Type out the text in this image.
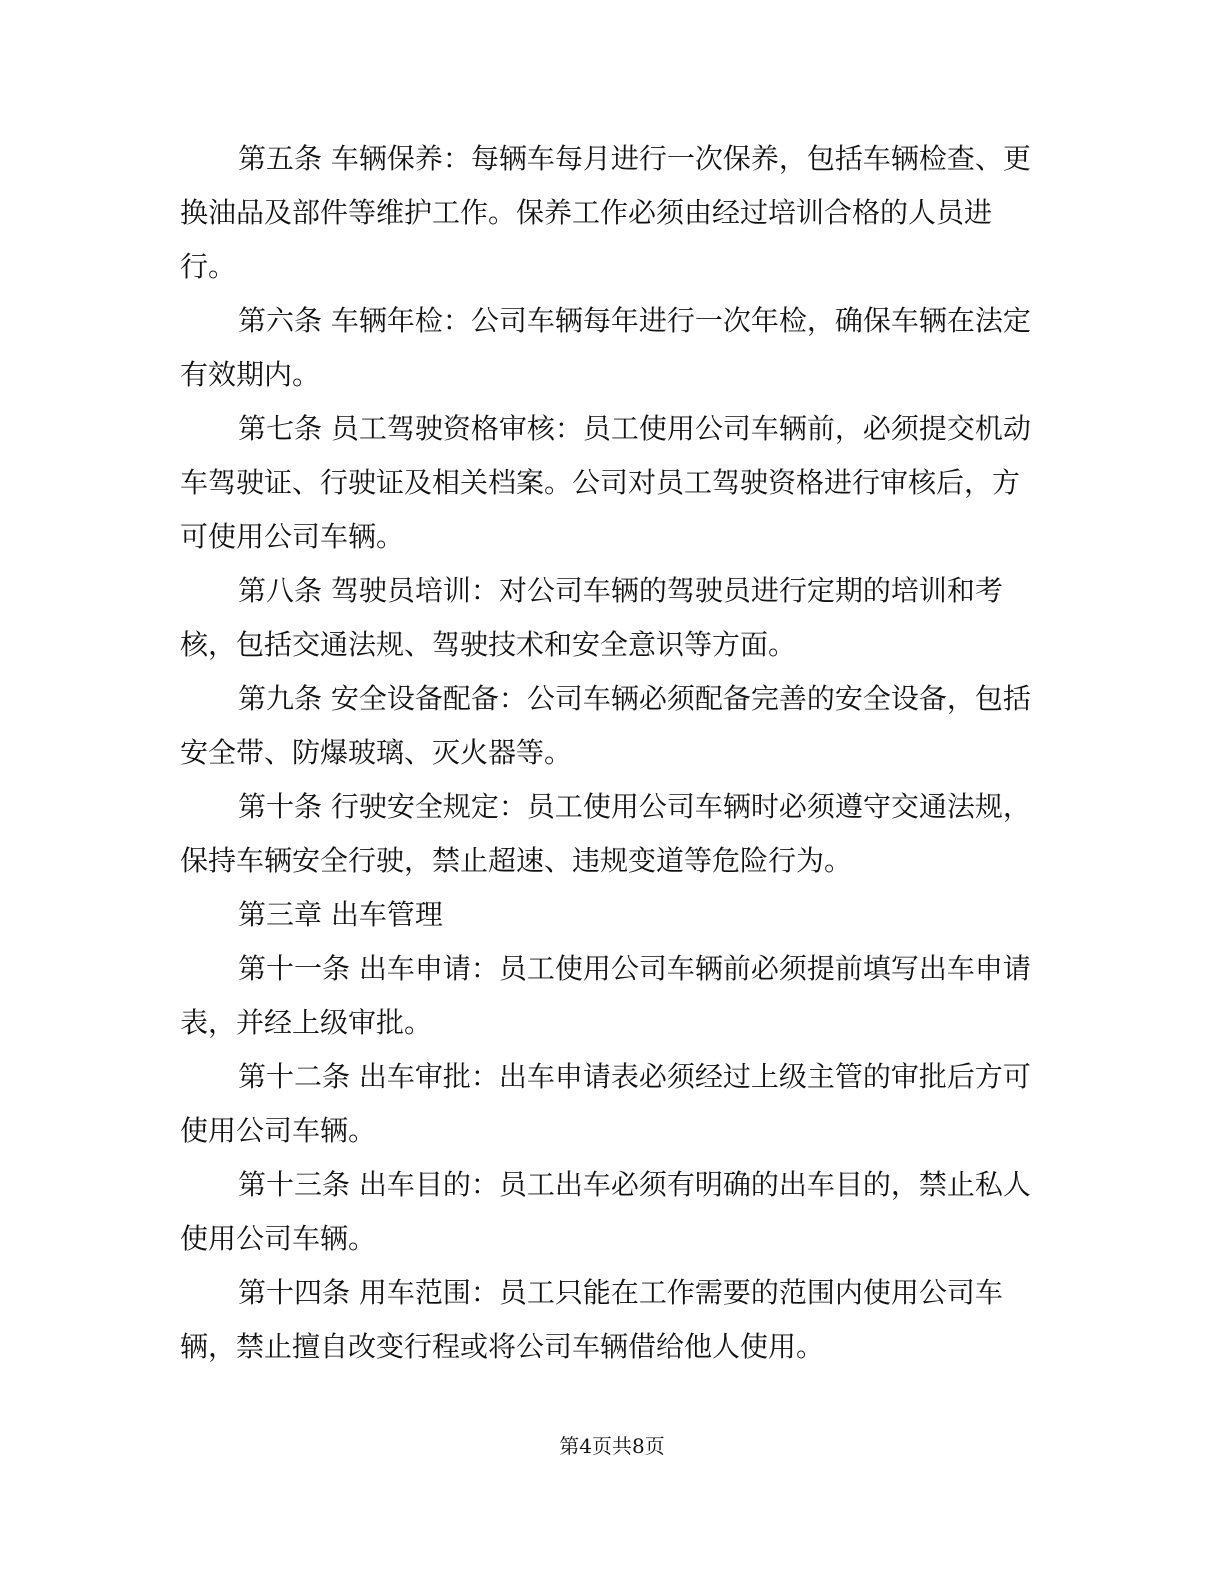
第五条 车辆保养：每辆车每月进行一次保养，包括车辆检查、更换油品及部件等维护工作。保养工作必须由经过培训合格的人员进行。

第六条 车辆年检：公司车辆每年进行一次年检，确保车辆在法定有效期内。

第七条 员工驾驶资格审核：员工使用公司车辆前，必须提交机动车驾驶证、行驶证及相关档案。公司对员工驾驶资格进行审核后，方可使用公司车辆。

第八条 驾驶员培训：对公司车辆的驾驶员进行定期的培训和考核，包括交通法规、驾驶技术和安全意识等方面。

第九条 安全设备配备：公司车辆必须配备完善的安全设备，包括安全带、防爆玻璃、灭火器等。

第十条 行驶安全规定：员工使用公司车辆时必须遵守交通法规，保持车辆安全行驶，禁止超速、违规变道等危险行为。

第三章 出车管理

第十一条 出车申请：员工使用公司车辆前必须提前填写出车申请表，并经上级审批。

第十二条 出车审批：出车申请表必须经过上级主管的审批后方可使用公司车辆。

第十三条 出车目的：员工出车必须有明确的出车目的，禁止私人使用公司车辆。

第十四条 用车范围：员工只能在工作需要的范围内使用公司车辆，禁止擅自改变行程或将公司车辆借给他人使用。

第4页共8页
